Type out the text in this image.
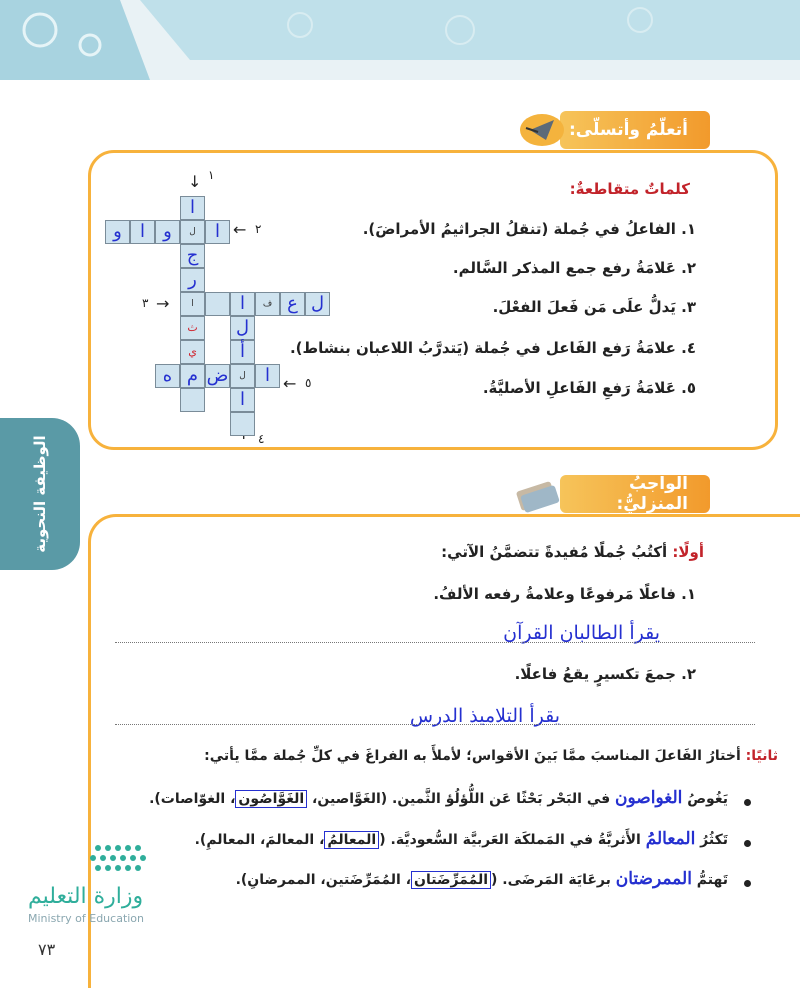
الوظيفة النحوية
أتعلّمُ وأتسلّى:
كلماتٌ متقاطعةٌ:
١. الفاعلُ في جُملة (تنقلُ الجراثيمُ الأمراضَ).
٢. عَلامَةُ رفع جمع المذكر السَّالم.
٣. يَدلُّ علَى مَن فَعلَ الفعْلَ.
٤. علامَةُ رَفع الفَاعل في جُملة (يَتدرَّبُ اللاعبان بنشاط).
٥. عَلامَةُ رَفعِ الفَاعلِ الأصليَّةُ.
١
↓
٢
←
٣ →
٥
←
٤
ا
ل
ج
ر
ا
ث
ي
م
ا
و
ا
و
ف
ا	ع ل
ل
أ
ا
ا
ل
ض
ه
الواجبُ المنزليُّ:
أولًا: أكتُبُ جُملًا مُفيدةً تتضمَّنُ الآتي:
١. فاعلًا مَرفوعًا وعلامةُ رفعه الألفُ.
يقرأ الطالبان القرآن
٢. جمعَ تكسيرٍ يقعُ فاعلًا.
يقرأ التلاميذ الدرس
ثانيًا: أختارُ الفَاعلَ المناسبَ ممَّا بَينَ الأقواس؛ لأملأَ به الفراغَ في كلِّ جُملة ممَّا يأتي:
يَغُوصُ الغواصون في البَحْر بَحْثًا عَن اللُّؤلُؤ الثَّمين. (الغَوَّاصين، الغَوَّاصُون، الغوّاصات).
تَكثُرُ المعالمُ الأَثريَّةُ في المَملكَة العَربيَّة السُّعوديَّة. (المعالمُ، المعالمَ، المعالمِ).
تَهتمُّ الممرضتان برعَايَة المَرضَى. (المُمَرِّضَتان، المُمَرِّضَتين، الممرضانِ).
وزارة التعليم
Ministry of Education
٧٣
